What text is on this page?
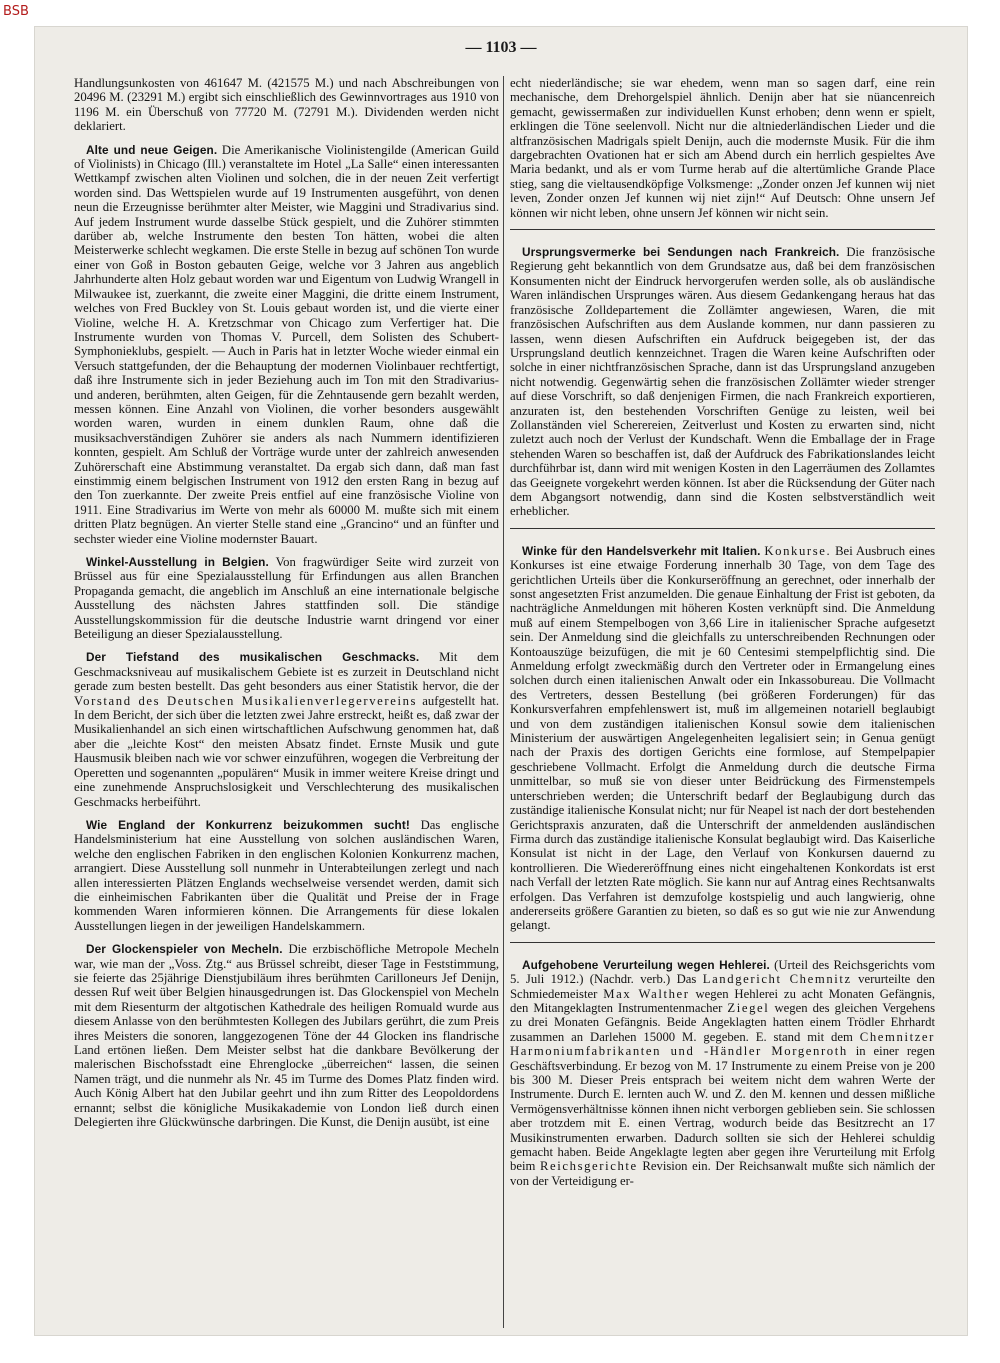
BSB
— 1103 —

Handlungsunkosten von 461647 M. (421575 M.) und nach Abschreibungen von 20496 M. (23291 M.) ergibt sich einschließlich des Gewinnvortrages aus 1910 von 1196 M. ein Überschuß von 77720 M. (72791 M.). Dividenden werden nicht deklariert.

Alte und neue Geigen. Die Amerikanische Violinistengilde (American Guild of Violinists) in Chicago (Ill.) veranstaltete im Hotel „La Salle“ einen interessanten Wettkampf zwischen alten Violinen und solchen, die in der neuen Zeit verfertigt worden sind. Das Wettspielen wurde auf 19 Instrumenten ausgeführt, von denen neun die Erzeugnisse berühmter alter Meister, wie Maggini und Stradivarius sind. Auf jedem Instrument wurde dasselbe Stück gespielt, und die Zuhörer stimmten darüber ab, welche Instrumente den besten Ton hätten, wobei die alten Meisterwerke schlecht wegkamen. Die erste Stelle in bezug auf schönen Ton wurde einer von Goß in Boston gebauten Geige, welche vor 3 Jahren aus angeblich Jahrhunderte alten Holz gebaut worden war und Eigentum von Ludwig Wrangell in Milwaukee ist, zuerkannt, die zweite einer Maggini, die dritte einem Instrument, welches von Fred Buckley von St. Louis gebaut worden ist, und die vierte einer Violine, welche H. A. Kretzschmar von Chicago zum Verfertiger hat. Die Instrumente wurden von Thomas V. Purcell, dem Solisten des Schubert-Symphonieklubs, gespielt. — Auch in Paris hat in letzter Woche wieder einmal ein Versuch stattgefunden, der die Behauptung der modernen Violinbauer rechtfertigt, daß ihre Instrumente sich in jeder Beziehung auch im Ton mit den Stradivarius- und anderen, berühmten, alten Geigen, für die Zehntausende gern bezahlt werden, messen können. Eine Anzahl von Violinen, die vorher besonders ausgewählt worden waren, wurden in einem dunklen Raum, ohne daß die musiksachverständigen Zuhörer sie anders als nach Nummern identifizieren konnten, gespielt. Am Schluß der Vorträge wurde unter der zahlreich anwesenden Zuhörerschaft eine Abstimmung veranstaltet. Da ergab sich dann, daß man fast einstimmig einem belgischen Instrument von 1912 den ersten Rang in bezug auf den Ton zuerkannte. Der zweite Preis entfiel auf eine französische Violine von 1911. Eine Stradivarius im Werte von mehr als 60000 M. mußte sich mit einem dritten Platz begnügen. An vierter Stelle stand eine „Grancino“ und an fünfter und sechster wieder eine Violine modernster Bauart.

Winkel-Ausstellung in Belgien. Von fragwürdiger Seite wird zurzeit von Brüssel aus für eine Spezialausstellung für Erfindungen aus allen Branchen Propaganda gemacht, die angeblich im Anschluß an eine internationale belgische Ausstellung des nächsten Jahres stattfinden soll. Die ständige Ausstellungskommission für die deutsche Industrie warnt dringend vor einer Beteiligung an dieser Spezialausstellung.

Der Tiefstand des musikalischen Geschmacks. Mit dem Geschmacksniveau auf musikalischem Gebiete ist es zurzeit in Deutschland nicht gerade zum besten bestellt. Das geht besonders aus einer Statistik hervor, die der Vorstand des Deutschen Musikalienverlegervereins aufgestellt hat. In dem Bericht, der sich über die letzten zwei Jahre erstreckt, heißt es, daß zwar der Musikalienhandel an sich einen wirtschaftlichen Aufschwung genommen hat, daß aber die „leichte Kost“ den meisten Absatz findet. Ernste Musik und gute Hausmusik bleiben nach wie vor schwer einzuführen, wogegen die Verbreitung der Operetten und sogenannten „populären“ Musik in immer weitere Kreise dringt und eine zunehmende Anspruchslosigkeit und Verschlechterung des musikalischen Geschmacks herbeiführt.

Wie England der Konkurrenz beizukommen sucht! Das englische Handelsministerium hat eine Ausstellung von solchen ausländischen Waren, welche den englischen Fabriken in den englischen Kolonien Konkurrenz machen, arrangiert. Diese Ausstellung soll nunmehr in Unterabteilungen zerlegt und nach allen interessierten Plätzen Englands wechselweise versendet werden, damit sich die einheimischen Fabrikanten über die Qualität und Preise der in Frage kommenden Waren informieren können. Die Arrangements für diese lokalen Ausstellungen liegen in der jeweiligen Handelskammern.

Der Glockenspieler von Mecheln. Die erzbischöfliche Metropole Mecheln war, wie man der „Voss. Ztg.“ aus Brüssel schreibt, dieser Tage in Feststimmung, sie feierte das 25jährige Dienstjubiläum ihres berühmten Carilloneurs Jef Denijn, dessen Ruf weit über Belgien hinausgedrungen ist. Das Glockenspiel von Mecheln mit dem Riesenturm der altgotischen Kathedrale des heiligen Romuald wurde aus diesem Anlasse von den berühmtesten Kollegen des Jubilars gerührt, die zum Preis ihres Meisters die sonoren, langgezogenen Töne der 44 Glocken ins flandrische Land ertönen ließen. Dem Meister selbst hat die dankbare Bevölkerung der malerischen Bischofsstadt eine Ehrenglocke „überreichen“ lassen, die seinen Namen trägt, und die nunmehr als Nr. 45 im Turme des Domes Platz finden wird. Auch König Albert hat den Jubilar geehrt und ihn zum Ritter des Leopoldordens ernannt; selbst die königliche Musikakademie von London ließ durch einen Delegierten ihre Glückwünsche darbringen. Die Kunst, die Denijn ausübt, ist eine

echt niederländische; sie war ehedem, wenn man so sagen darf, eine rein mechanische, dem Drehorgelspiel ähnlich. Denijn aber hat sie nüancenreich gemacht, gewissermaßen zur individuellen Kunst erhoben; denn wenn er spielt, erklingen die Töne seelenvoll. Nicht nur die altniederländischen Lieder und die altfranzösischen Madrigals spielt Denijn, auch die modernste Musik. Für die ihm dargebrachten Ovationen hat er sich am Abend durch ein herrlich gespieltes Ave Maria bedankt, und als er vom Turme herab auf die altertümliche Grande Place stieg, sang die vieltausendköpfige Volksmenge: „Zonder onzen Jef kunnen wij niet leven, Zonder onzen Jef kunnen wij niet zijn!“ Auf Deutsch: Ohne unsern Jef können wir nicht leben, ohne unsern Jef können wir nicht sein.

Ursprungsvermerke bei Sendungen nach Frankreich. Die französische Regierung geht bekanntlich von dem Grundsatze aus, daß bei dem französischen Konsumenten nicht der Eindruck hervorgerufen werden solle, als ob ausländische Waren inländischen Ursprunges wären. Aus diesem Gedankengang heraus hat das französische Zolldepartement die Zollämter angewiesen, Waren, die mit französischen Aufschriften aus dem Auslande kommen, nur dann passieren zu lassen, wenn diesen Aufschriften ein Aufdruck beigegeben ist, der das Ursprungsland deutlich kennzeichnet. Tragen die Waren keine Aufschriften oder solche in einer nichtfranzösischen Sprache, dann ist das Ursprungsland anzugeben nicht notwendig. Gegenwärtig sehen die französischen Zollämter wieder strenger auf diese Vorschrift, so daß denjenigen Firmen, die nach Frankreich exportieren, anzuraten ist, den bestehenden Vorschriften Genüge zu leisten, weil bei Zollanständen viel Scherereien, Zeitverlust und Kosten zu erwarten sind, nicht zuletzt auch noch der Verlust der Kundschaft. Wenn die Emballage der in Frage stehenden Waren so beschaffen ist, daß der Aufdruck des Fabrikationslandes leicht durchführbar ist, dann wird mit wenigen Kosten in den Lagerräumen des Zollamtes das Geeignete vorgekehrt werden können. Ist aber die Rücksendung der Güter nach dem Abgangsort notwendig, dann sind die Kosten selbstverständlich weit erheblicher.

Winke für den Handelsverkehr mit Italien. Konkurse. Bei Ausbruch eines Konkurses ist eine etwaige Forderung innerhalb 30 Tage, von dem Tage des gerichtlichen Urteils über die Konkurseröffnung an gerechnet, oder innerhalb der sonst angesetzten Frist anzumelden. Die genaue Einhaltung der Frist ist geboten, da nachträgliche Anmeldungen mit höheren Kosten verknüpft sind. Die Anmeldung muß auf einem Stempelbogen von 3,66 Lire in italienischer Sprache aufgesetzt sein. Der Anmeldung sind die gleichfalls zu unterschreibenden Rechnungen oder Kontoauszüge beizufügen, die mit je 60 Centesimi stempelpflichtig sind. Die Anmeldung erfolgt zweckmäßig durch den Vertreter oder in Ermangelung eines solchen durch einen italienischen Anwalt oder ein Inkassobureau. Die Vollmacht des Vertreters, dessen Bestellung (bei größeren Forderungen) für das Konkursverfahren empfehlenswert ist, muß im allgemeinen notariell beglaubigt und von dem zuständigen italienischen Konsul sowie dem italienischen Ministerium der auswärtigen Angelegenheiten legalisiert sein; in Genua genügt nach der Praxis des dortigen Gerichts eine formlose, auf Stempelpapier geschriebene Vollmacht. Erfolgt die Anmeldung durch die deutsche Firma unmittelbar, so muß sie von dieser unter Beidrückung des Firmenstempels unterschrieben werden; die Unterschrift bedarf der Beglaubigung durch das zuständige italienische Konsulat nicht; nur für Neapel ist nach der dort bestehenden Gerichtspraxis anzuraten, daß die Unterschrift der anmeldenden ausländischen Firma durch das zuständige italienische Konsulat beglaubigt wird. Das Kaiserliche Konsulat ist nicht in der Lage, den Verlauf von Konkursen dauernd zu kontrollieren. Die Wiedereröffnung eines nicht eingehaltenen Konkordats ist erst nach Verfall der letzten Rate möglich. Sie kann nur auf Antrag eines Rechtsanwalts erfolgen. Das Verfahren ist demzufolge kostspielig und auch langwierig, ohne andererseits größere Garantien zu bieten, so daß es so gut wie nie zur Anwendung gelangt.

Aufgehobene Verurteilung wegen Hehlerei. (Urteil des Reichsgerichts vom 5. Juli 1912.) (Nachdr. verb.) Das Landgericht Chemnitz verurteilte den Schmiedemeister Max Walther wegen Hehlerei zu acht Monaten Gefängnis, den Mitangeklagten Instrumentenmacher Ziegel wegen des gleichen Vergehens zu drei Monaten Gefängnis. Beide Angeklagten hatten einem Trödler Ehrhardt zusammen an Darlehen 15000 M. gegeben. E. stand mit dem Chemnitzer Harmoniumfabrikanten und -Händler Morgenroth in einer regen Geschäftsverbindung. Er bezog von M. 17 Instrumente zu einem Preise von je 200 bis 300 M. Dieser Preis entsprach bei weitem nicht dem wahren Werte der Instrumente. Durch E. lernten auch W. und Z. den M. kennen und dessen mißliche Vermögensverhältnisse können ihnen nicht verborgen geblieben sein. Sie schlossen aber trotzdem mit E. einen Vertrag, wodurch beide das Besitzrecht an 17 Musikinstrumenten erwarben. Dadurch sollten sie sich der Hehlerei schuldig gemacht haben. Beide Angeklagte legten aber gegen ihre Verurteilung mit Erfolg beim Reichsgerichte Revision ein. Der Reichsanwalt mußte sich nämlich der von der Verteidigung er-
